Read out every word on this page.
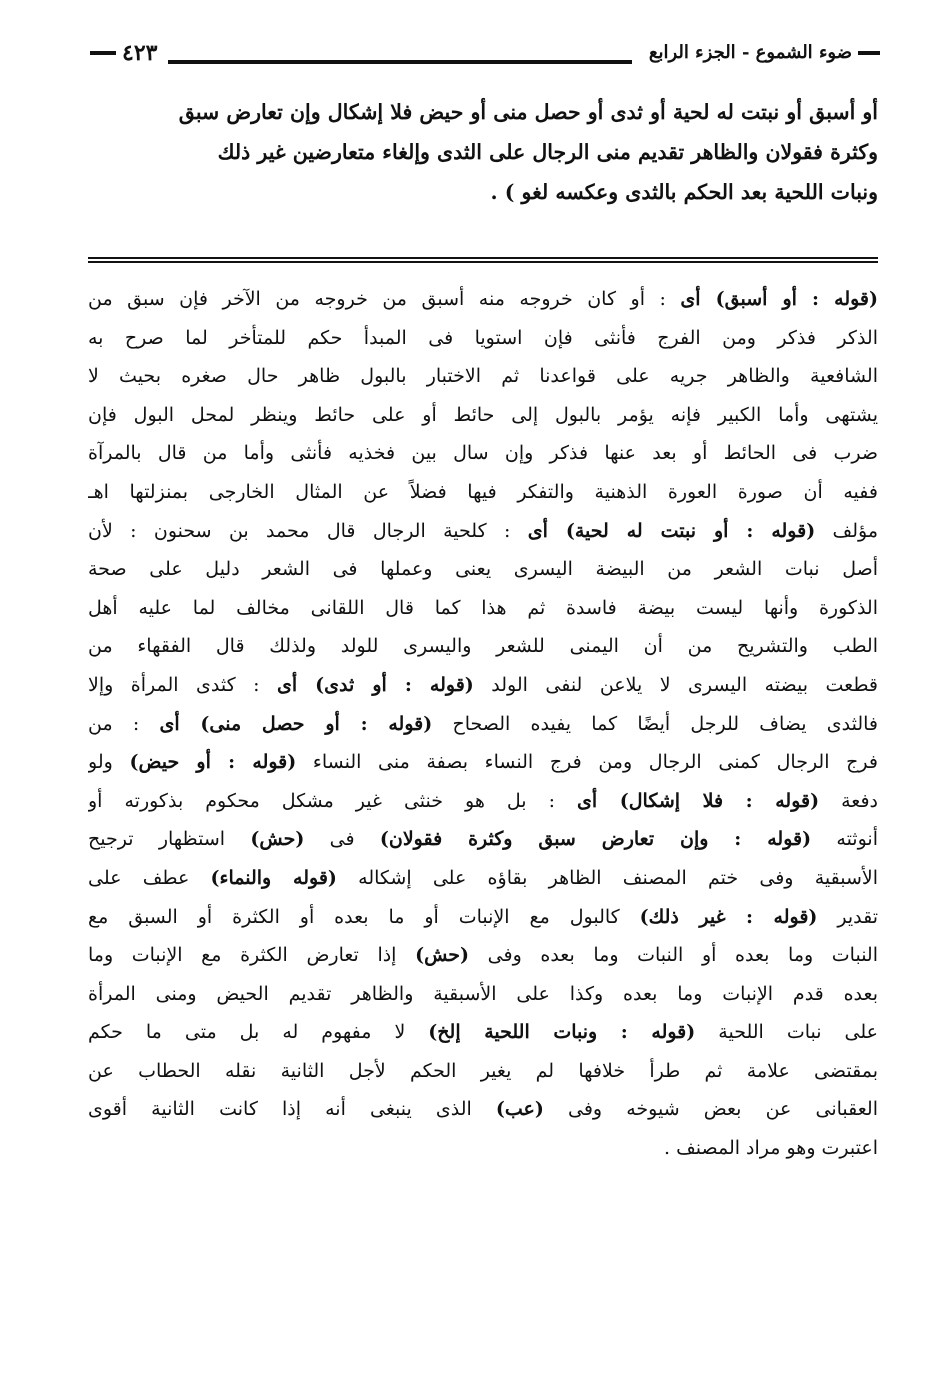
٤٢٣	ضوء الشموع - الجزء الرابع
أو أسبق أو نبتت له لحية أو ثدى أو حصل منى أو حيض فلا إشكال وإن تعارض سبق
وكثرة فقولان والظاهر تقديم منى الرجال على الثدى وإلغاء متعارضين غير ذلك
ونبات اللحية بعد الحكم بالثدى وعكسه لغو ) .
(قوله : أو أسبق) أى : أو كان خروجه منه أسبق من خروجه من الآخر فإن سبق من
الذكر فذكر ومن الفرج فأنثى فإن استويا فى المبدأ حكم للمتأخر لما صرح به
الشافعية والظاهر جريه على قواعدنا ثم الاختبار بالبول ظاهر حال صغره بحيث لا
يشتهى وأما الكبير فإنه يؤمر بالبول إلى حائط أو على حائط وينظر لمحل البول فإن
ضرب فى الحائط أو بعد عنها فذكر وإن سال بين فخذيه فأنثى وأما من قال بالمرآة
ففيه أن صورة العورة الذهنية والتفكر فيها فضلاً عن المثال الخارجى بمنزلتها اهـ
مؤلف (قوله : أو نبتت له لحية) أى : كلحية الرجال قال محمد بن سحنون : لأن
أصل نبات الشعر من البيضة اليسرى يعنى وعملها فى الشعر دليل على صحة
الذكورة وأنها ليست بيضة فاسدة ثم هذا كما قال اللقانى مخالف لما عليه أهل
الطب والتشريح من أن اليمنى للشعر واليسرى للولد ولذلك قال الفقهاء من
قطعت بيضته اليسرى لا يلاعن لنفى الولد (قوله : أو ثدى) أى : كثدى المرأة وإلا
فالثدى يضاف للرجل أيضًا كما يفيده الصحاح (قوله : أو حصل منى) أى : من
فرج الرجال كمنى الرجال ومن فرج النساء بصفة منى النساء (قوله : أو حيض) ولو
دفعة (قوله : فلا إشكال) أى : بل هو خنثى غير مشكل محكوم بذكورته أو
أنوثته (قوله : وإن تعارض سبق وكثرة فقولان) فى (حش) استظهار ترجيح
الأسبقية وفى ختم المصنف الظاهر بقاؤه على إشكاله (قوله والنماء) عطف على
تقدير (قوله : غير ذلك) كالبول مع الإنبات أو ما بعده أو الكثرة أو السبق مع
النبات وما بعده أو النبات وما بعده وفى (حش) إذا تعارض الكثرة مع الإنبات وما
بعده قدم الإنبات وما بعده وكذا على الأسبقية والظاهر تقديم الحيض ومنى المرأة
على نبات اللحية (قوله : ونبات اللحية إلخ) لا مفهوم له بل متى ما حكم
بمقتضى علامة ثم طرأ خلافها لم يغير الحكم لأجل الثانية نقله الحطاب عن
العقبانى عن بعض شيوخه وفى (عب) الذى ينبغى أنه إذا كانت الثانية أقوى
اعتبرت وهو مراد المصنف .
